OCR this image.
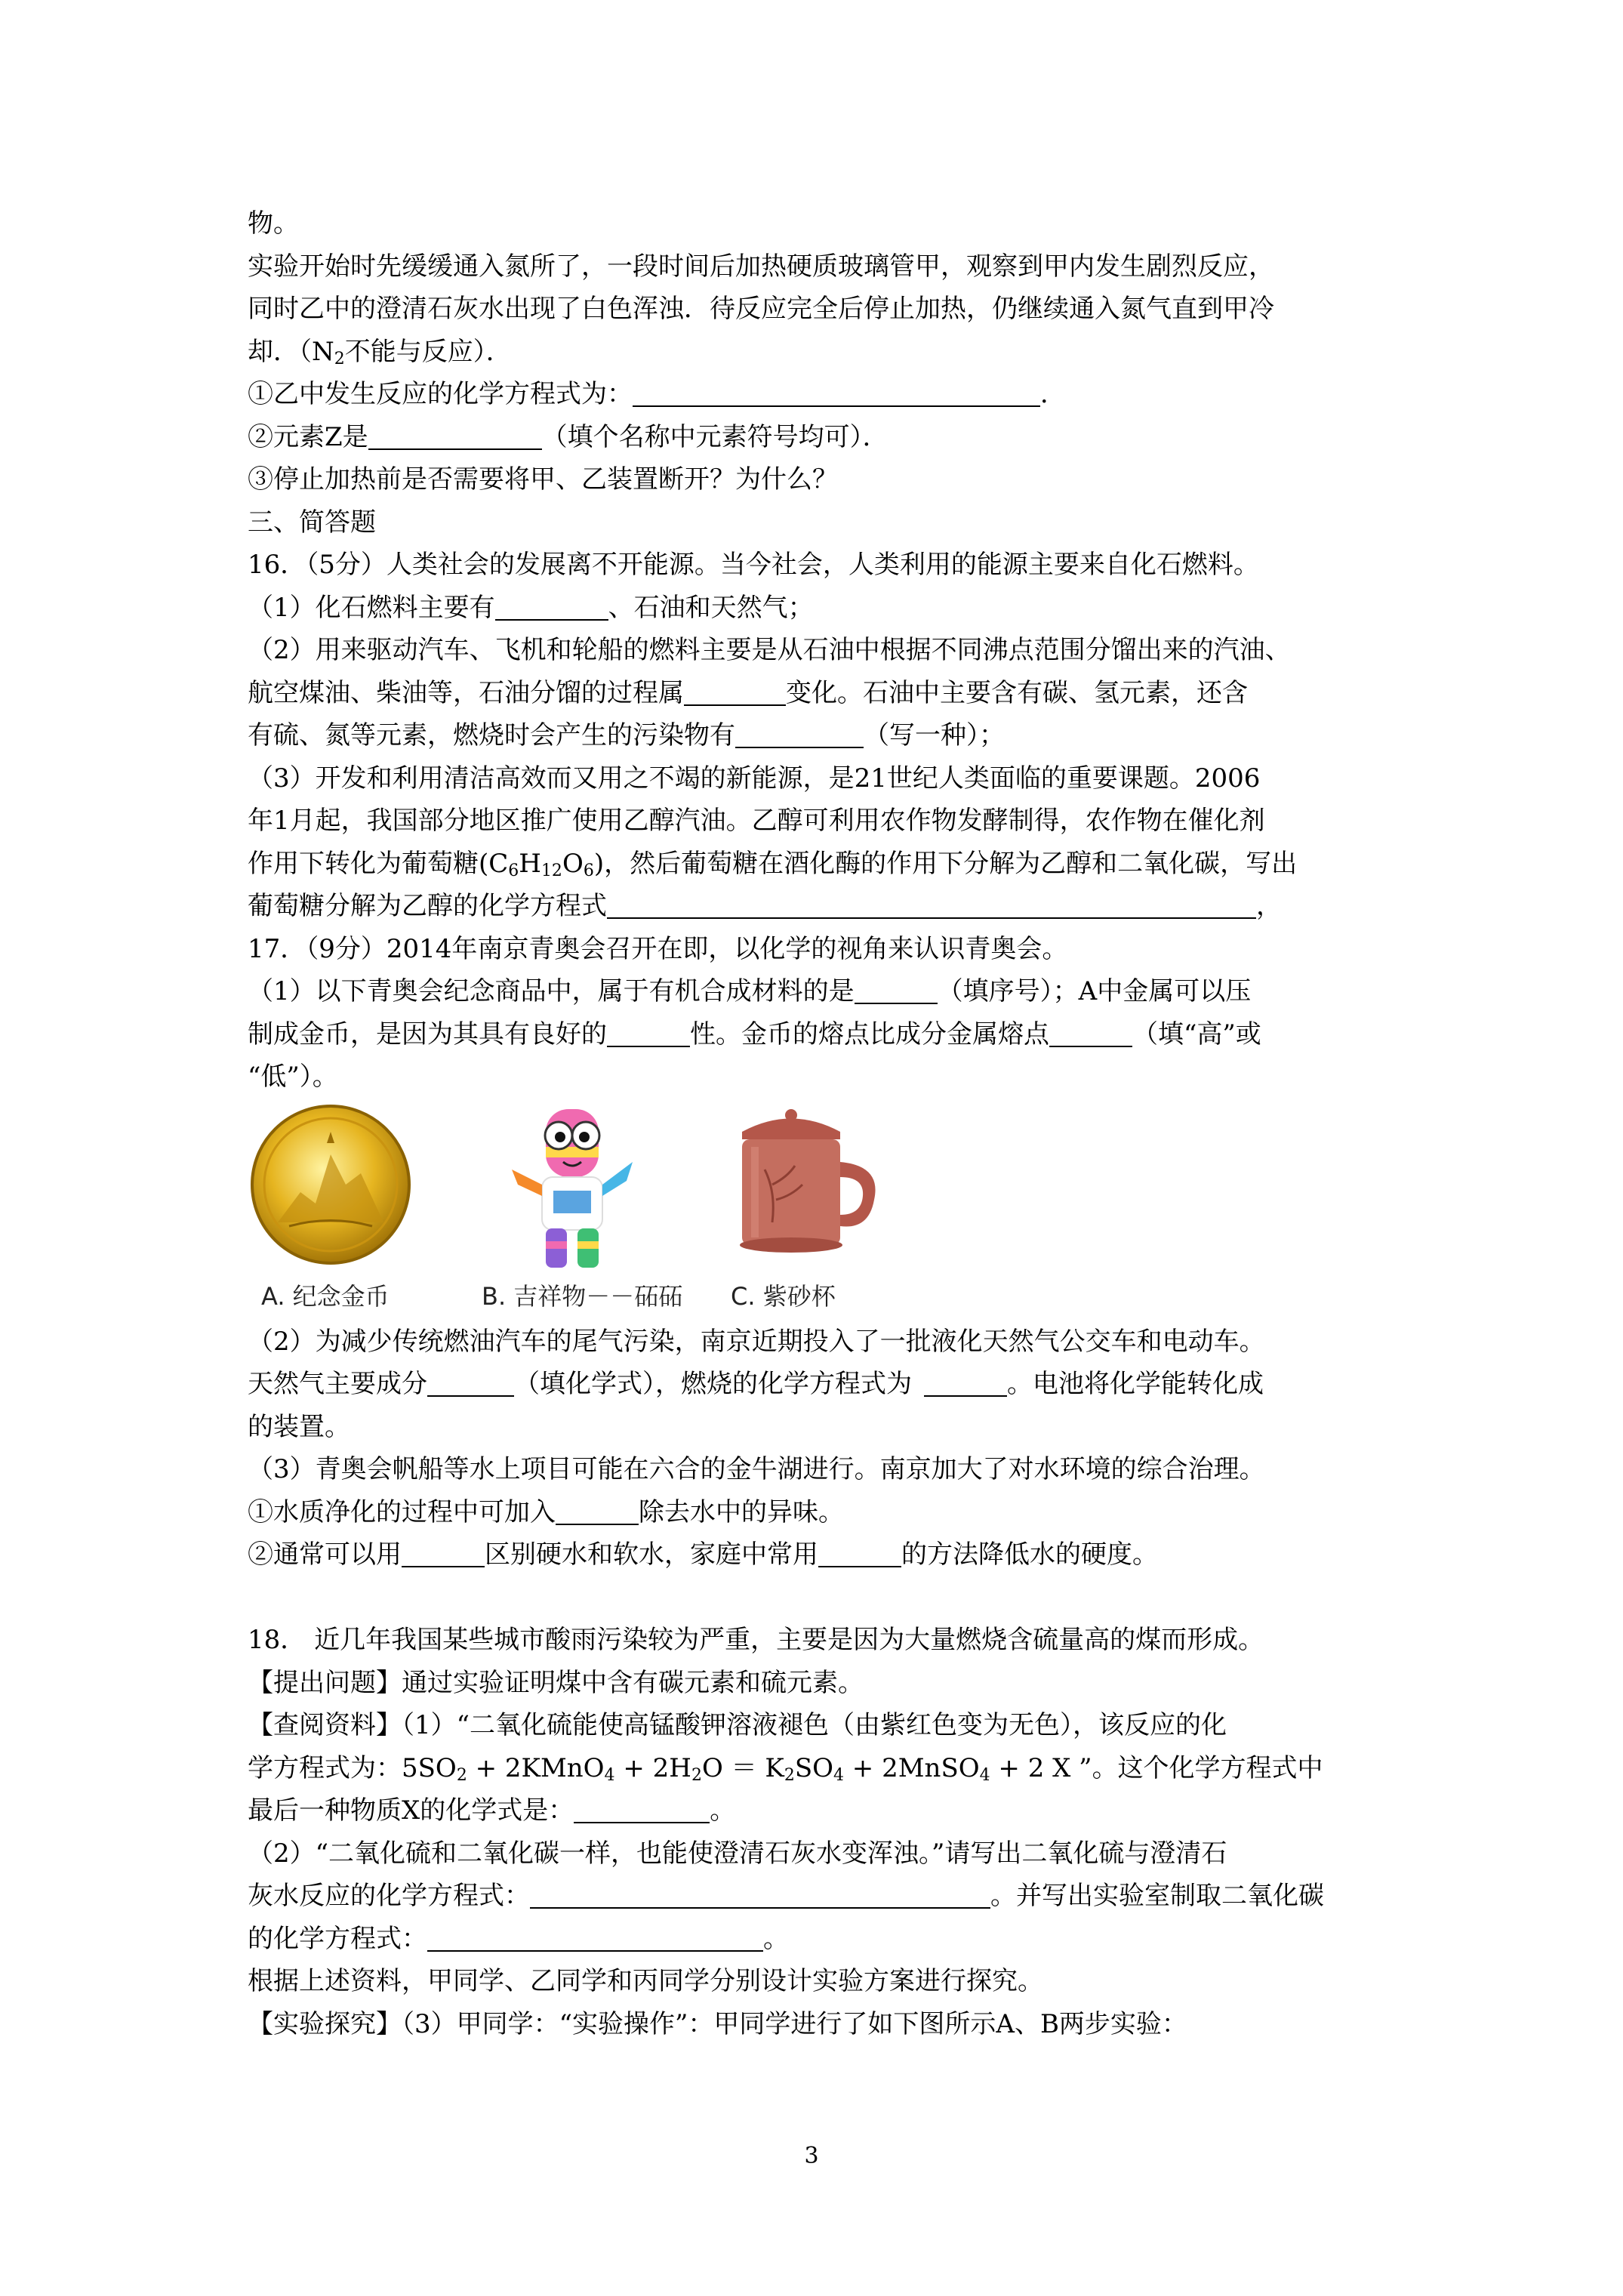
物。
实验开始时先缓缓通入氮所了，一段时间后加热硬质玻璃管甲，观察到甲内发生剧烈反应，
同时乙中的澄清石灰水出现了白色浑浊．待反应完全后停止加热，仍继续通入氮气直到甲冷
却．（$N_2$不能与反应）．
①乙中发生反应的化学方程式为：	．
②元素Z是	（填个名称中元素符号均可）．
③停止加热前是否需要将甲、乙装置断开？为什么？
三、简答题
16．（5分）人类社会的发展离不开能源。当今社会，人类利用的能源主要来自化石燃料。
（1）化石燃料主要有	、石油和天然气；
（2）用来驱动汽车、飞机和轮船的燃料主要是从石油中根据不同沸点范围分馏出来的汽油、
航空煤油、柴油等，石油分馏的过程属	变化。石油中主要含有碳、氢元素，还含
有硫、氮等元素，燃烧时会产生的污染物有	（写一种）；
（3）开发和利用清洁高效而又用之不竭的新能源，是21世纪人类面临的重要课题。2006
年1月起，我国部分地区推广使用乙醇汽油。乙醇可利用农作物发酵制得，农作物在催化剂
作用下转化为葡萄糖$(C_6H_{12}O_6)$，然后葡萄糖在酒化酶的作用下分解为乙醇和二氧化碳，写出
葡萄糖分解为乙醇的化学方程式	，
17．（9分）2014年南京青奥会召开在即，以化学的视角来认识青奥会。
（1）以下青奥会纪念商品中，属于有机合成材料的是	（填序号）；A中金属可以压
制成金币，是因为其具有良好的	性。金币的熔点比成分金属熔点	（填“高”或
“低”）。
A. 纪念金币	B. 吉祥物－－砳砳 C. 紫砂杯
（2）为减少传统燃油汽车的尾气污染，南京近期投入了一批液化天然气公交车和电动车。
天然气主要成分	（填化学式），燃烧的化学方程式为	。电池将化学能转化成
的装置。
（3）青奥会帆船等水上项目可能在六合的金牛湖进行。南京加大了对水环境的综合治理。
①水质净化的过程中可加入	除去水中的异味。
②通常可以用	区别硬水和软水，家庭中常用	的方法降低水的硬度。
18． 近几年我国某些城市酸雨污染较为严重，主要是因为大量燃烧含硫量高的煤而形成。
【提出问题】通过实验证明煤中含有碳元素和硫元素。
【查阅资料】（1）“二氧化硫能使高锰酸钾溶液褪色（由紫红色变为无色），该反应的化
学方程式为：$5SO_2$ + 2KMnO$_4$ + $2H_2O = K_2SO_4$ + 2MnSO$_4$ + 2 X ”。这个化学方程式中
最后一种物质X的化学式是：	。
（2）“二氧化硫和二氧化碳一样，也能使澄清石灰水变浑浊。”请写出二氧化硫与澄清石
灰水反应的化学方程式：	。并写出实验室制取二氧化碳
的化学方程式：	。
根据上述资料，甲同学、乙同学和丙同学分别设计实验方案进行探究。
【实验探究】（3）甲同学：“实验操作”：甲同学进行了如下图所示A、B两步实验：
3
